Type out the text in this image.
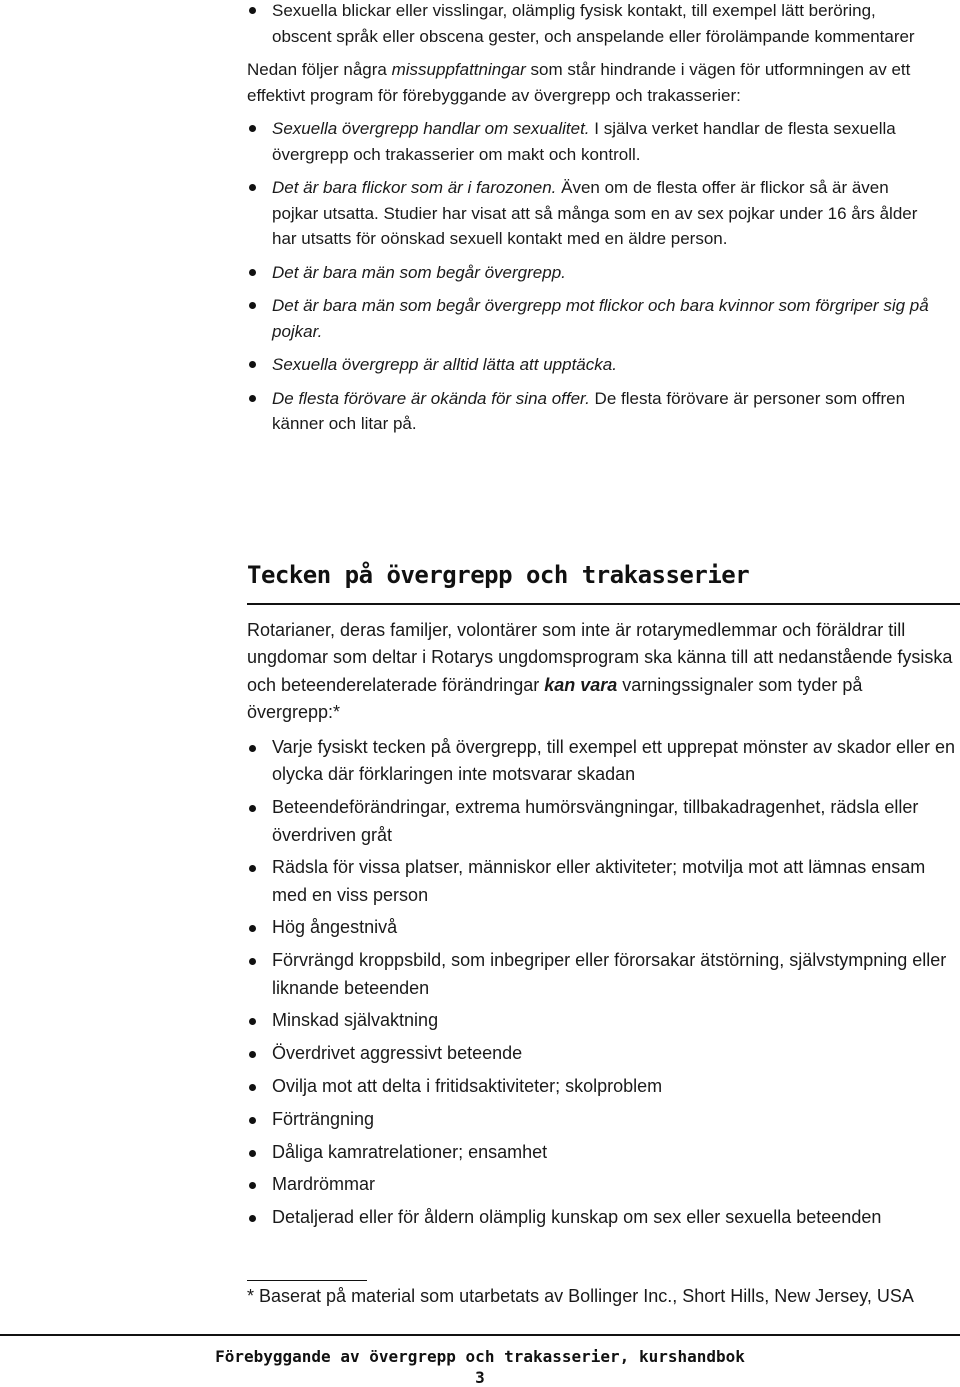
Sexuella blickar eller visslingar, olämplig fysisk kontakt, till exempel lätt beröring, obscent språk eller obscena gester, och anspelande eller förolämpande kommentarer

Nedan följer några missuppfattningar som står hindrande i vägen för utformningen av ett effektivt program för förebyggande av övergrepp och trakasserier:

Sexuella övergrepp handlar om sexualitet. I själva verket handlar de flesta sexuella övergrepp och trakasserier om makt och kontroll.
Det är bara flickor som är i farozonen. Även om de flesta offer är flickor så är även pojkar utsatta. Studier har visat att så många som en av sex pojkar under 16 års ålder har utsatts för oönskad sexuell kontakt med en äldre person.
Det är bara män som begår övergrepp.
Det är bara män som begår övergrepp mot flickor och bara kvinnor som förgriper sig på pojkar.
Sexuella övergrepp är alltid lätta att upptäcka.
De flesta förövare är okända för sina offer. De flesta förövare är personer som offren känner och litar på.
Tecken på övergrepp och trakasserier

Rotarianer, deras familjer, volontärer som inte är rotarymedlemmar och föräldrar till ungdomar som deltar i Rotarys ungdomsprogram ska känna till att nedanstående fysiska och beteenderelaterade förändringar kan vara varningssignaler som tyder på övergrepp:*

Varje fysiskt tecken på övergrepp, till exempel ett upprepat mönster av skador eller en olycka där förklaringen inte motsvarar skadan
Beteendeförändringar, extrema humörsvängningar, tillbakadragenhet, rädsla eller överdriven gråt
Rädsla för vissa platser, människor eller aktiviteter; motvilja mot att lämnas ensam med en viss person
Hög ångestnivå
Förvrängd kroppsbild, som inbegriper eller förorsakar ätstörning, självstympning eller liknande beteenden
Minskad självaktning
Överdrivet aggressivt beteende
Ovilja mot att delta i fritidsaktiviteter; skolproblem
Förträngning
Dåliga kamratrelationer; ensamhet
Mardrömmar
Detaljerad eller för åldern olämplig kunskap om sex eller sexuella beteenden
* Baserat på material som utarbetats av Bollinger Inc., Short Hills, New Jersey, USA
Förebyggande av övergrepp och trakasserier, kurshandbok
3
